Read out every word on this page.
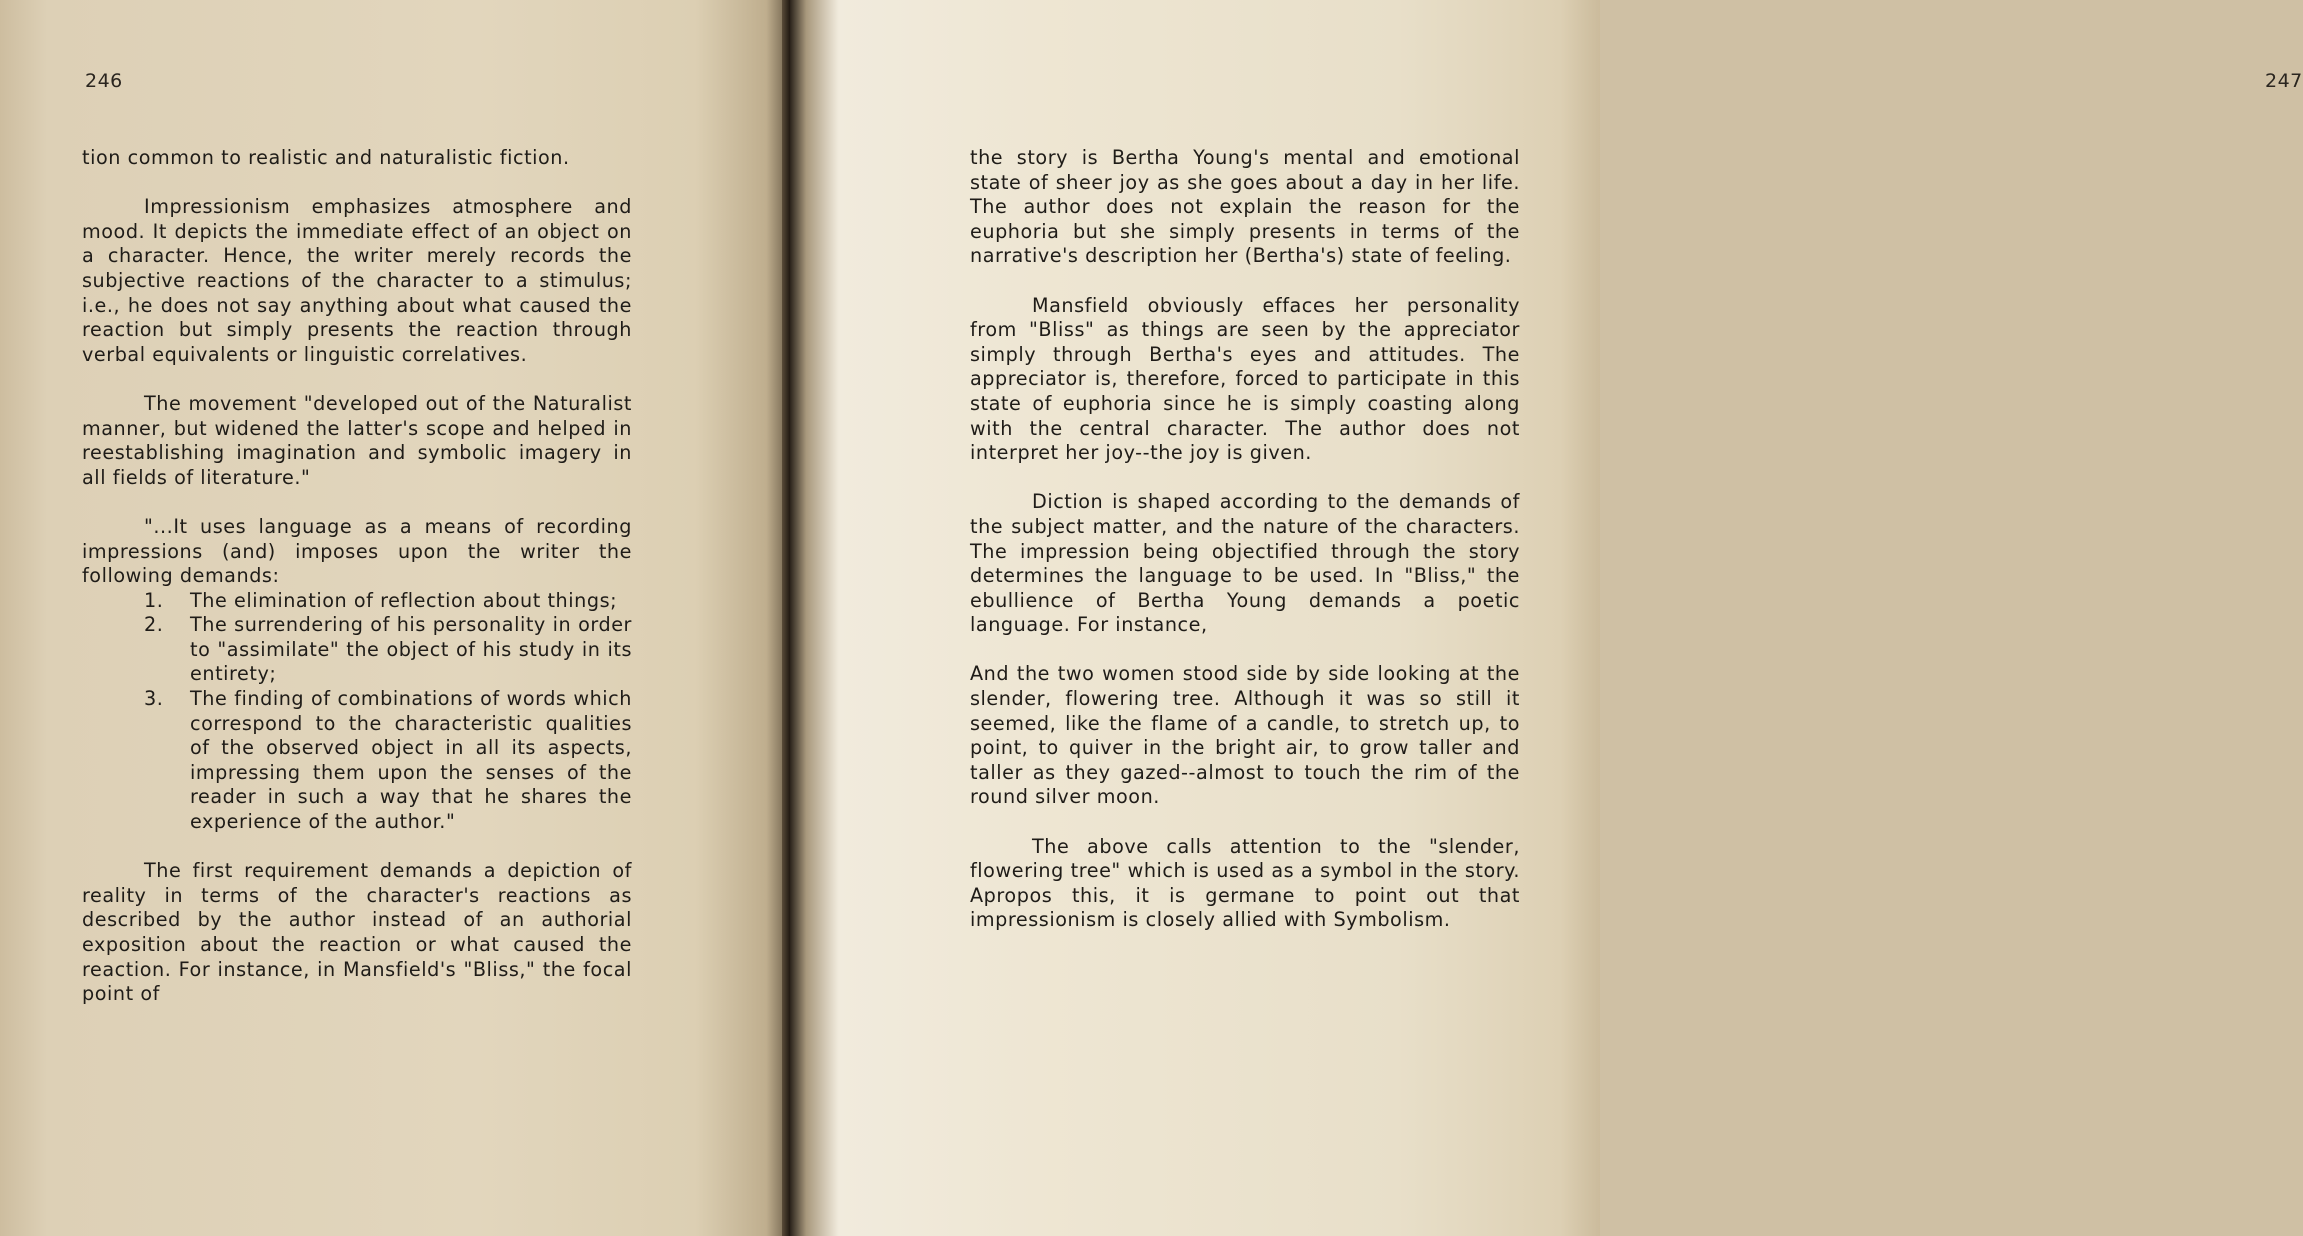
246

tion common to realistic and naturalistic fiction.

Impressionism emphasizes atmosphere and mood. It depicts the immediate effect of an object on a character. Hence, the writer merely records the subjective reactions of the character to a stimulus; i.e., he does not say anything about what caused the reaction but simply presents the reaction through verbal equivalents or linguistic correlatives.

The movement "developed out of the Naturalist manner, but widened the latter's scope and helped in reestablishing imagination and symbolic imagery in all fields of literature."

"...It uses language as a means of recording impressions (and) imposes upon the writer the following demands:

1. The elimination of reflection about things;
2. The surrendering of his personality in order to "assimilate" the object of his study in its entirety;
3. The finding of combinations of words which correspond to the characteristic qualities of the observed object in all its aspects, impressing them upon the senses of the reader in such a way that he shares the experience of the author."

The first requirement demands a depiction of reality in terms of the character's reactions as described by the author instead of an authorial exposition about the reaction or what caused the reaction. For instance, in Mansfield's "Bliss," the focal point of

247

the story is Bertha Young's mental and emotional state of sheer joy as she goes about a day in her life. The author does not explain the reason for the euphoria but she simply presents in terms of the narrative's description her (Bertha's) state of feeling.

Mansfield obviously effaces her personality from "Bliss" as things are seen by the appreciator simply through Bertha's eyes and attitudes. The appreciator is, therefore, forced to participate in this state of euphoria since he is simply coasting along with the central character. The author does not interpret her joy--the joy is given.

Diction is shaped according to the demands of the subject matter, and the nature of the characters. The impression being objectified through the story determines the language to be used. In "Bliss," the ebullience of Bertha Young demands a poetic language. For instance,

And the two women stood side by side looking at the slender, flowering tree. Although it was so still it seemed, like the flame of a candle, to stretch up, to point, to quiver in the bright air, to grow taller and taller as they gazed--almost to touch the rim of the round silver moon.

The above calls attention to the "slender, flowering tree" which is used as a symbol in the story. Apropos this, it is germane to point out that impressionism is closely allied with Symbolism.
